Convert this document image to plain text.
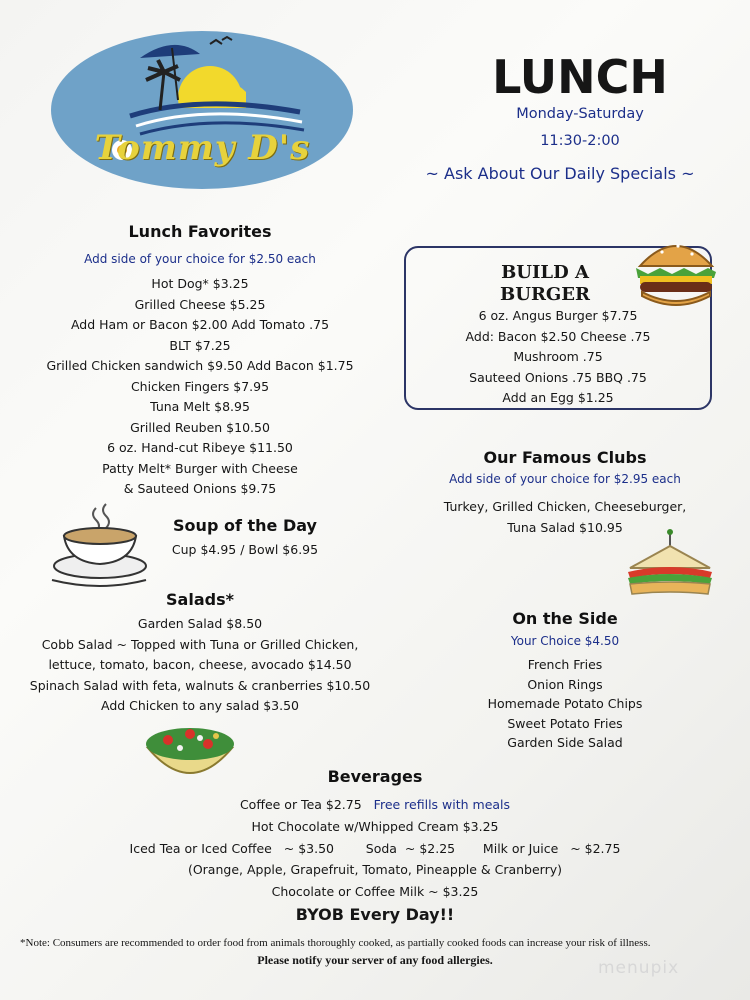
Tommy D's
LUNCH
Monday-Saturday
11:30-2:00
~ Ask About Our Daily Specials ~
Lunch Favorites
Add side of your choice for $2.50 each
Hot Dog* $3.25
Grilled Cheese $5.25
Add Ham or Bacon $2.00 Add Tomato .75
BLT $7.25
Grilled Chicken sandwich $9.50 Add Bacon $1.75
Chicken Fingers $7.95
Tuna Melt $8.95
Grilled Reuben $10.50
6 oz. Hand-cut Ribeye $11.50
Patty Melt* Burger with Cheese
& Sauteed Onions $9.75
Soup of the Day
Cup $4.95 / Bowl $6.95
Salads*
Garden Salad $8.50
Cobb Salad ~ Topped with Tuna or Grilled Chicken,
lettuce, tomato, bacon, cheese, avocado $14.50
Spinach Salad with feta, walnuts & cranberries $10.50
Add Chicken to any salad $3.50
BUILD A
BURGER
6 oz. Angus Burger $7.75
Add: Bacon $2.50 Cheese .75
Mushroom .75
Sauteed Onions .75 BBQ .75
Add an Egg $1.25
Our Famous Clubs
Add side of your choice for $2.95 each
Turkey, Grilled Chicken, Cheeseburger,
Tuna Salad $10.95
On the Side
Your Choice $4.50
French Fries
Onion Rings
Homemade Potato Chips
Sweet Potato Fries
Garden Side Salad
Beverages
Coffee or Tea $2.75 Free refills with meals
Hot Chocolate w/Whipped Cream $3.25
Iced Tea or Iced Coffee   ~ $3.50        Soda  ~ $2.25       Milk or Juice   ~ $2.75
(Orange, Apple, Grapefruit, Tomato, Pineapple & Cranberry)
Chocolate or Coffee Milk ~ $3.25
BYOB Every Day!!
*Note: Consumers are recommended to order food from animals thoroughly cooked, as partially cooked foods can increase your risk of illness.
Please notify your server of any food allergies.	menupix
